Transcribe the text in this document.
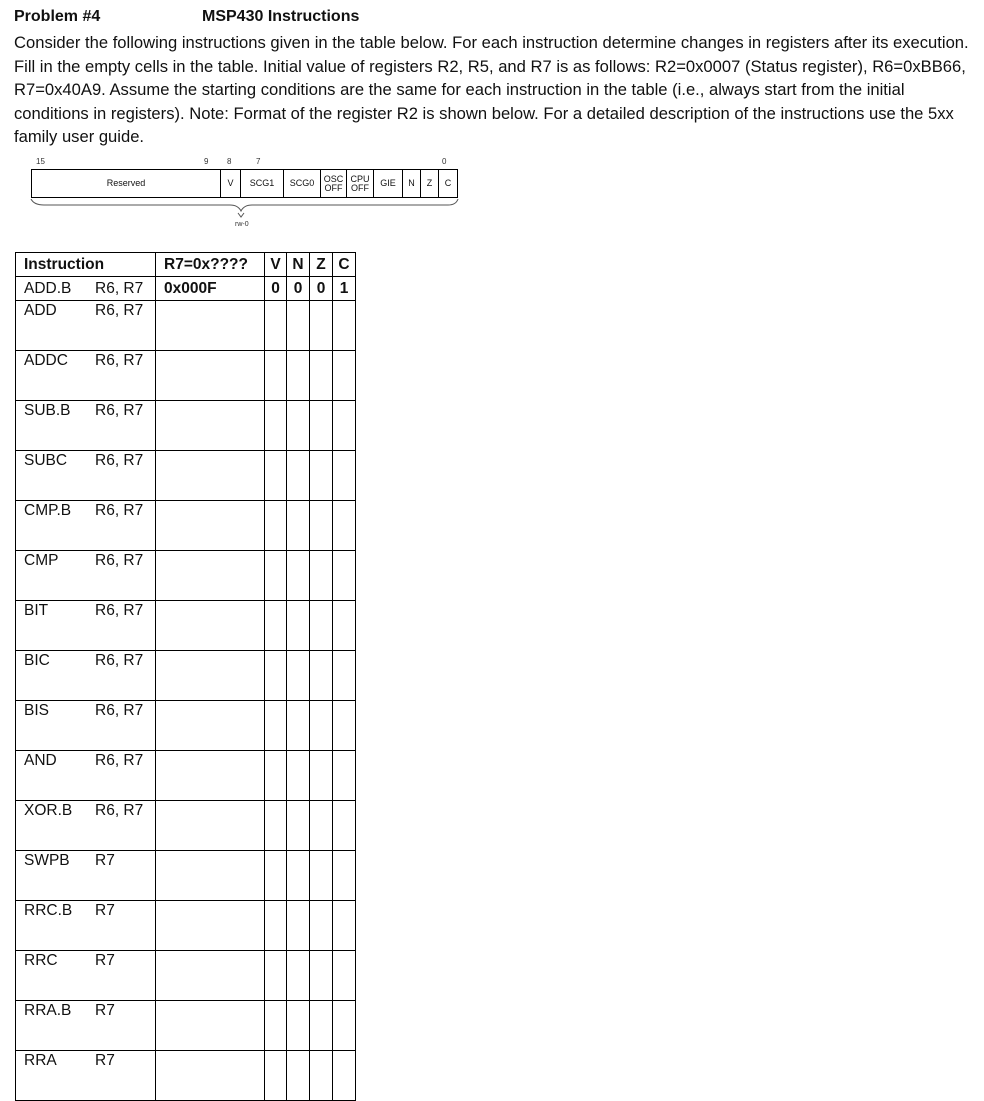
Problem #4	MSP430 Instructions

Consider the following instructions given in the table below. For each instruction determine changes in registers after its execution. Fill in the empty cells in the table. Initial value of registers R2, R5, and R7 is as follows: R2=0x0007 (Status register), R6=0xBB66, R7=0x40A9. Assume the starting conditions are the same for each instruction in the table (i.e., always start from the initial conditions in registers). Note: Format of the register R2 is shown below. For a detailed description of the instructions use the 5xx family user guide.

15	9 8	7	0
Reserved	V	SCG1	SCG0	OSC
OFF
CPU
OFF	GIE	N	Z	C
rw-0
Instruction	R7=0x????	V	N	Z	C
ADD.B R6, R7	0x000F	0	0	0	1
ADD R6, R7					
ADDC R6, R7					
SUB.B R6, R7					
SUBC R6, R7					
CMP.B R6, R7					
CMP R6, R7					
BIT R6, R7					
BIC R6, R7					
BIS R6, R7					
AND R6, R7					
XOR.B R6, R7					
SWPB R7					
RRC.B R7					
RRC R7					
RRA.B R7					
RRA R7					
